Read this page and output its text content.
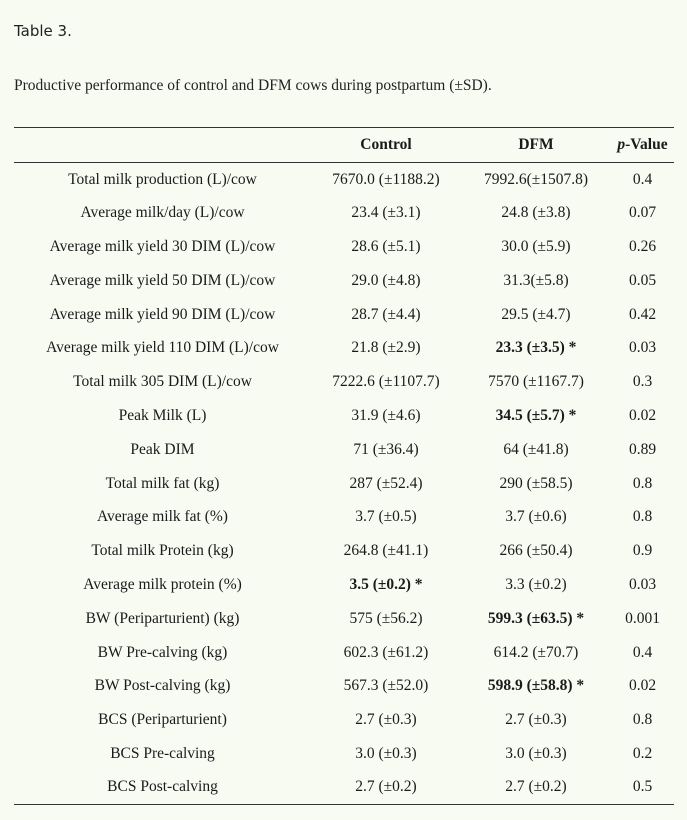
Table 3.
Productive performance of control and DFM cows during postpartum (±SD).
	Control	DFM	p-Value
Total milk production (L)/cow	7670.0 (±1188.2)	7992.6(±1507.8)	0.4
Average milk/day (L)/cow	23.4 (±3.1)	24.8 (±3.8)	0.07
Average milk yield 30 DIM (L)/cow	28.6 (±5.1)	30.0 (±5.9)	0.26
Average milk yield 50 DIM (L)/cow	29.0 (±4.8)	31.3(±5.8)	0.05
Average milk yield 90 DIM (L)/cow	28.7 (±4.4)	29.5 (±4.7)	0.42
Average milk yield 110 DIM (L)/cow	21.8 (±2.9)	23.3 (±3.5) *	0.03
Total milk 305 DIM (L)/cow	7222.6 (±1107.7)	7570 (±1167.7)	0.3
Peak Milk (L)	31.9 (±4.6)	34.5 (±5.7) *	0.02
Peak DIM	71 (±36.4)	64 (±41.8)	0.89
Total milk fat (kg)	287 (±52.4)	290 (±58.5)	0.8
Average milk fat (%)	3.7 (±0.5)	3.7 (±0.6)	0.8
Total milk Protein (kg)	264.8 (±41.1)	266 (±50.4)	0.9
Average milk protein (%)	3.5 (±0.2) *	3.3 (±0.2)	0.03
BW (Periparturient) (kg)	575 (±56.2)	599.3 (±63.5) *	0.001
BW Pre-calving (kg)	602.3 (±61.2)	614.2 (±70.7)	0.4
BW Post-calving (kg)	567.3 (±52.0)	598.9 (±58.8) *	0.02
BCS (Periparturient)	2.7 (±0.3)	2.7 (±0.3)	0.8
BCS Pre-calving	3.0 (±0.3)	3.0 (±0.3)	0.2
BCS Post-calving	2.7 (±0.2)	2.7 (±0.2)	0.5
